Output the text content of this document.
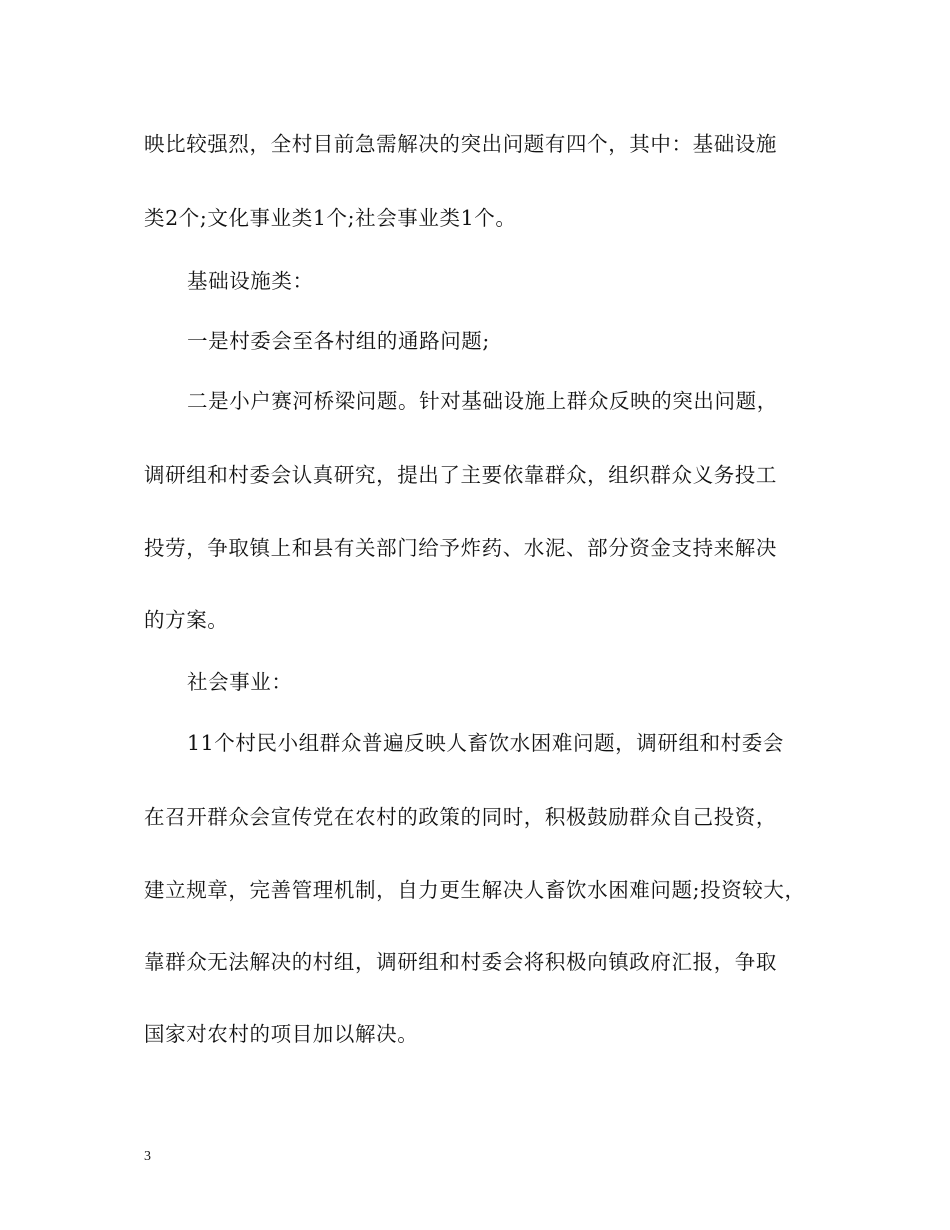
映比较强烈，全村目前急需解决的突出问题有四个，其中：基础设施
类2个;文化事业类1个;社会事业类1个。
基础设施类：
一是村委会至各村组的通路问题;
二是小户赛河桥梁问题。针对基础设施上群众反映的突出问题，
调研组和村委会认真研究，提出了主要依靠群众，组织群众义务投工
投劳，争取镇上和县有关部门给予炸药、水泥、部分资金支持来解决
的方案。
社会事业：
11个村民小组群众普遍反映人畜饮水困难问题，调研组和村委会
在召开群众会宣传党在农村的政策的同时，积极鼓励群众自己投资，
建立规章，完善管理机制，自力更生解决人畜饮水困难问题;投资较大，
靠群众无法解决的村组，调研组和村委会将积极向镇政府汇报，争取
国家对农村的项目加以解决。
3
